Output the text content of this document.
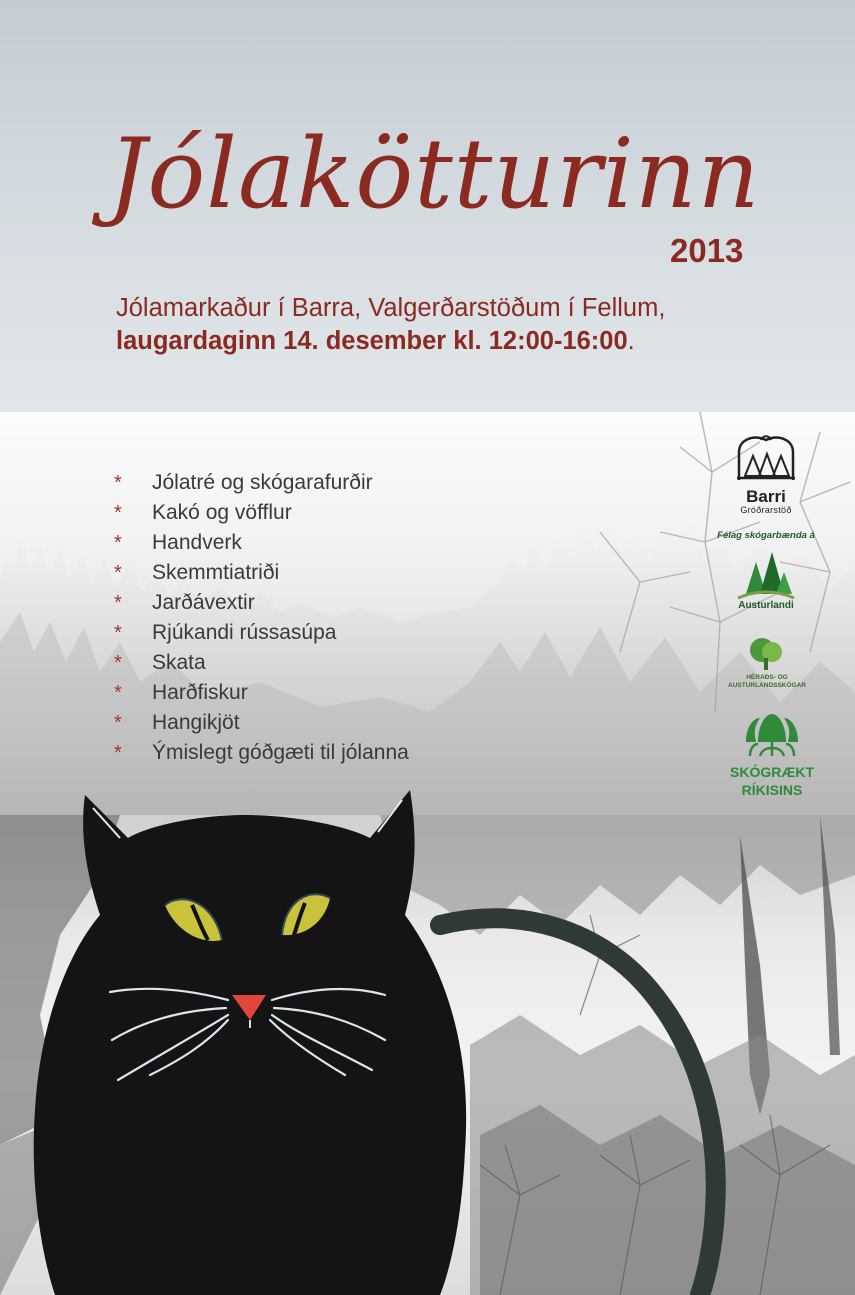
Jólakötturinn
2013
Jólamarkaður í Barra, Valgerðarstöðum í Fellum,
laugardaginn 14. desember kl. 12:00-16:00.
*	Jólatré og skógarafurðir
*	Kakó og vöfflur
*	Handverk
*	Skemmtiatriði
*	Jarðávextir
*	Rjúkandi rússasúpa
*	Skata
*	Harðfiskur
*	Hangikjöt
*	Ýmislegt góðgæti til jólanna
Barri
Gróðrarstöð
Félag skógarbænda á
Austurlandi
HÉRAÐS- OG
AUSTURLANDSSKÓGAR
SKÓGRÆKT
RÍKISINS
